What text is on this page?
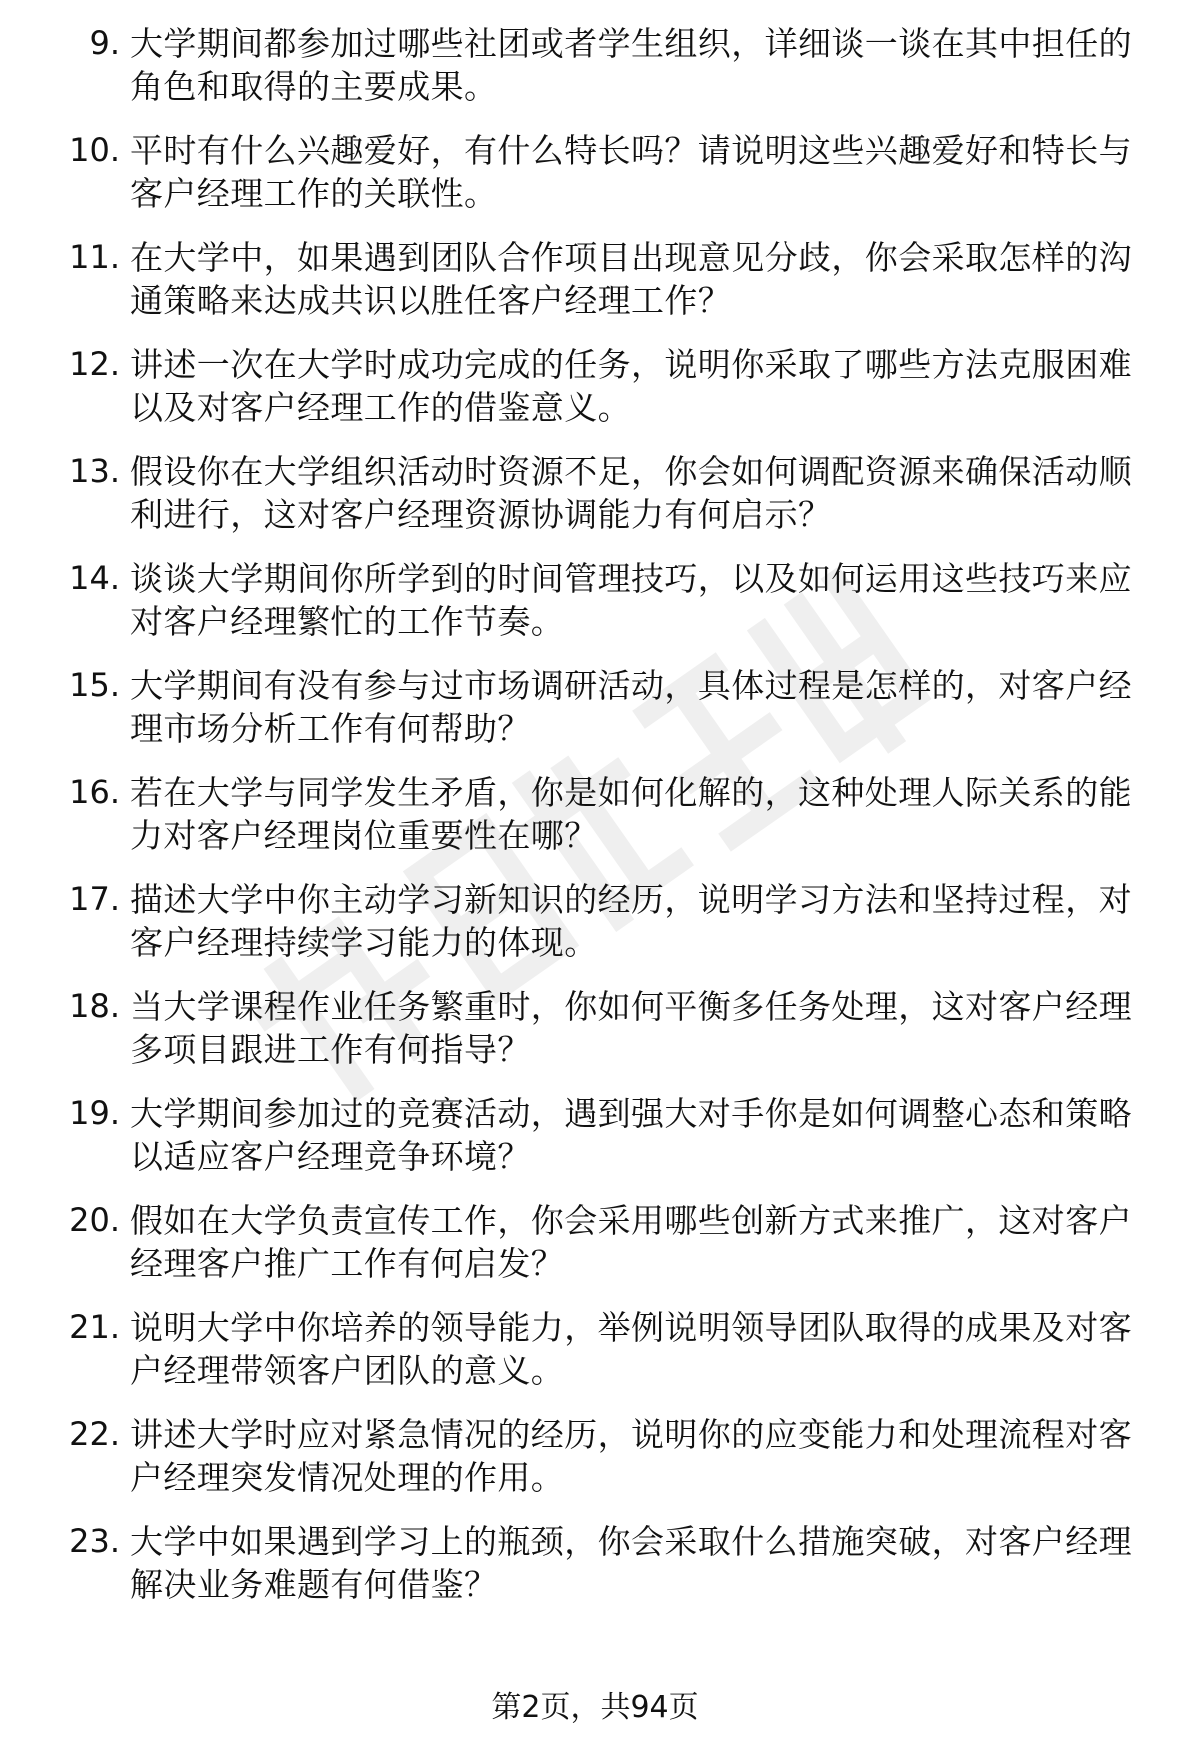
9. 大学期间都参加过哪些社团或者学生组织，详细谈一谈在其中担任的角色和取得的主要成果。
10. 平时有什么兴趣爱好，有什么特长吗？请说明这些兴趣爱好和特长与客户经理工作的关联性。
11. 在大学中，如果遇到团队合作项目出现意见分歧，你会采取怎样的沟通策略来达成共识以胜任客户经理工作？
12. 讲述一次在大学时成功完成的任务，说明你采取了哪些方法克服困难以及对客户经理工作的借鉴意义。
13. 假设你在大学组织活动时资源不足，你会如何调配资源来确保活动顺利进行，这对客户经理资源协调能力有何启示？
14. 谈谈大学期间你所学到的时间管理技巧，以及如何运用这些技巧来应对客户经理繁忙的工作节奏。
15. 大学期间有没有参与过市场调研活动，具体过程是怎样的，对客户经理市场分析工作有何帮助？
16. 若在大学与同学发生矛盾，你是如何化解的，这种处理人际关系的能力对客户经理岗位重要性在哪？
17. 描述大学中你主动学习新知识的经历，说明学习方法和坚持过程，对客户经理持续学习能力的体现。
18. 当大学课程作业任务繁重时，你如何平衡多任务处理，这对客户经理多项目跟进工作有何指导？
19. 大学期间参加过的竞赛活动，遇到强大对手你是如何调整心态和策略以适应客户经理竞争环境？
20. 假如在大学负责宣传工作，你会采用哪些创新方式来推广，这对客户经理客户推广工作有何启发？
21. 说明大学中你培养的领导能力，举例说明领导团队取得的成果及对客户经理带领客户团队的意义。
22. 讲述大学时应对紧急情况的经历，说明你的应变能力和处理流程对客户经理突发情况处理的作用。
23. 大学中如果遇到学习上的瓶颈，你会采取什么措施突破，对客户经理解决业务难题有何借鉴？
第2页，共94页
